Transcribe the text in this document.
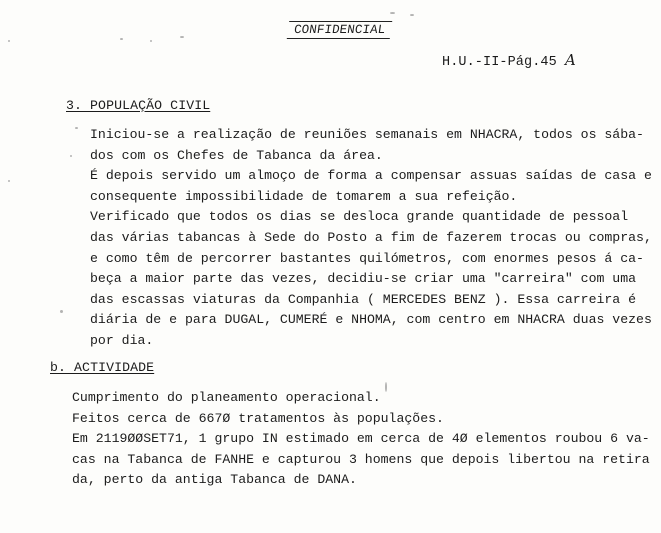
CONFIDENCIAL

H.U.-II-Pág.45 A
3. POPULAÇÃO CIVIL
Iniciou-se a realização de reuniões semanais em NHACRA, todos os sába-
dos com os Chefes de Tabanca da área.
É depois servido um almoço de forma a compensar assuas saídas de casa e
consequente impossibilidade de tomarem a sua refeição.
Verificado que todos os dias se desloca grande quantidade de pessoal
das várias tabancas à Sede do Posto a fim de fazerem trocas ou compras,
e como têm de percorrer bastantes quilómetros, com enormes pesos á ca-
beça a maior parte das vezes, decidiu-se criar uma "carreira" com uma
das escassas viaturas da Companhia ( MERCEDES BENZ ). Essa carreira é
diária de e para DUGAL, CUMERÉ e NHOMA, com centro em NHACRA duas vezes
por dia.
b. ACTIVIDADE
Cumprimento do planeamento operacional.
Feitos cerca de 667Ø tratamentos às populações.
Em 2119ØØSET71, 1 grupo IN estimado em cerca de 4Ø elementos roubou 6 va-
cas na Tabanca de FANHE e capturou 3 homens que depois libertou na retira
da, perto da antiga Tabanca de DANA.
